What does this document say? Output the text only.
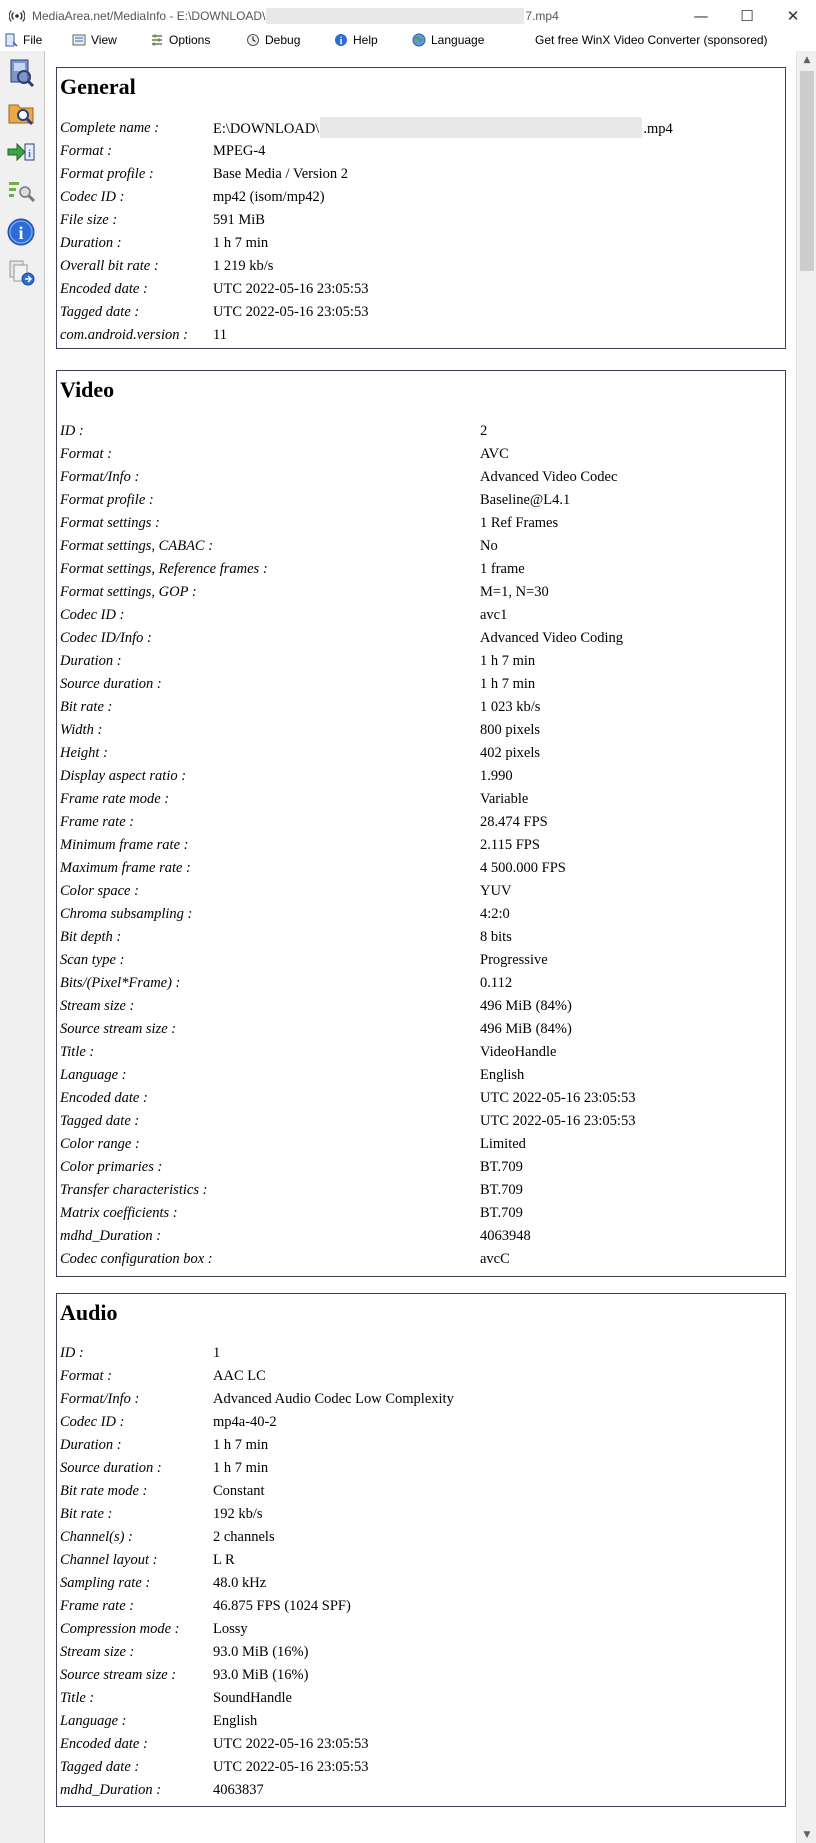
MediaArea.net/MediaInfo - E:\DOWNLOAD\	7.mp4	—	☐	✕
File	View	Options	Debug	i Help	Language	Get free WinX Video Converter (sponsored)
i
i
General
Complete name :	E:\DOWNLOAD\	.mp4
Format :	MPEG-4
Format profile :	Base Media / Version 2
Codec ID :	mp42 (isom/mp42)
File size :	591 MiB
Duration :	1 h 7 min
Overall bit rate :	1 219 kb/s
Encoded date :	UTC 2022-05-16 23:05:53
Tagged date :	UTC 2022-05-16 23:05:53
com.android.version : 11
Video
ID :	2
Format :	AVC
Format/Info :	Advanced Video Codec
Format profile :	Baseline@L4.1
Format settings :	1 Ref Frames
Format settings, CABAC :	No
Format settings, Reference frames :	1 frame
Format settings, GOP :	M=1, N=30
Codec ID :	avc1
Codec ID/Info :	Advanced Video Coding
Duration :	1 h 7 min
Source duration :	1 h 7 min
Bit rate :	1 023 kb/s
Width :	800 pixels
Height :	402 pixels
Display aspect ratio :	1.990
Frame rate mode :	Variable
Frame rate :	28.474 FPS
Minimum frame rate :	2.115 FPS
Maximum frame rate :	4 500.000 FPS
Color space :	YUV
Chroma subsampling :	4:2:0
Bit depth :	8 bits
Scan type :	Progressive
Bits/(Pixel*Frame) :	0.112
Stream size :	496 MiB (84%)
Source stream size :	496 MiB (84%)
Title :	VideoHandle
Language :	English
Encoded date :	UTC 2022-05-16 23:05:53
Tagged date :	UTC 2022-05-16 23:05:53
Color range :	Limited
Color primaries :	BT.709
Transfer characteristics :	BT.709
Matrix coefficients :	BT.709
mdhd_Duration :	4063948
Codec configuration box :	avcC
Audio
ID :	1
Format :	AAC LC
Format/Info :	Advanced Audio Codec Low Complexity
Codec ID :	mp4a-40-2
Duration :	1 h 7 min
Source duration :	1 h 7 min
Bit rate mode :	Constant
Bit rate :	192 kb/s
Channel(s) :	2 channels
Channel layout :	L R
Sampling rate :	48.0 kHz
Frame rate :	46.875 FPS (1024 SPF)
Compression mode : Lossy
Stream size :	93.0 MiB (16%)
Source stream size :	93.0 MiB (16%)
Title :	SoundHandle
Language :	English
Encoded date :	UTC 2022-05-16 23:05:53
Tagged date :	UTC 2022-05-16 23:05:53
mdhd_Duration :	4063837
▲
▼
